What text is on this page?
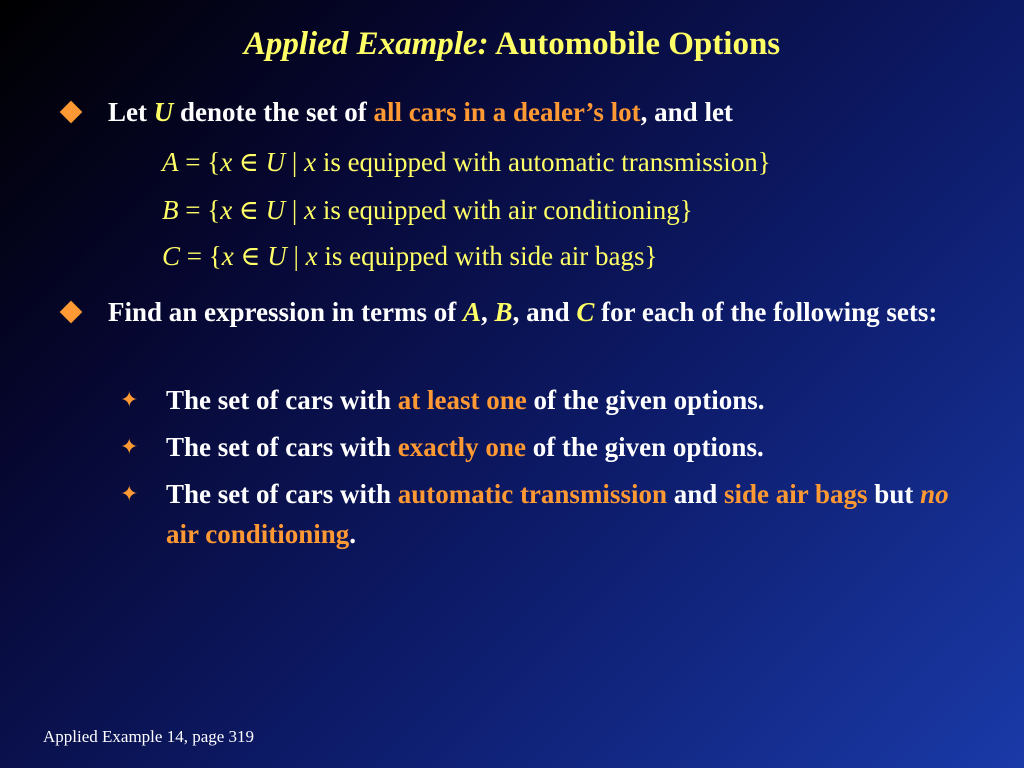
Applied Example: Automobile Options
Let U denote the set of all cars in a dealer’s lot, and let
A = {x ∈ U | x is equipped with automatic transmission}
B = {x ∈ U | x is equipped with air conditioning}
C = {x ∈ U | x is equipped with side air bags}
Find an expression in terms of A, B, and C for each of the following sets:
✦ The set of cars with at least one of the given options.
✦ The set of cars with exactly one of the given options.
✦ The set of cars with automatic transmission and side air bags but no air conditioning.
Applied Example 14, page 319
